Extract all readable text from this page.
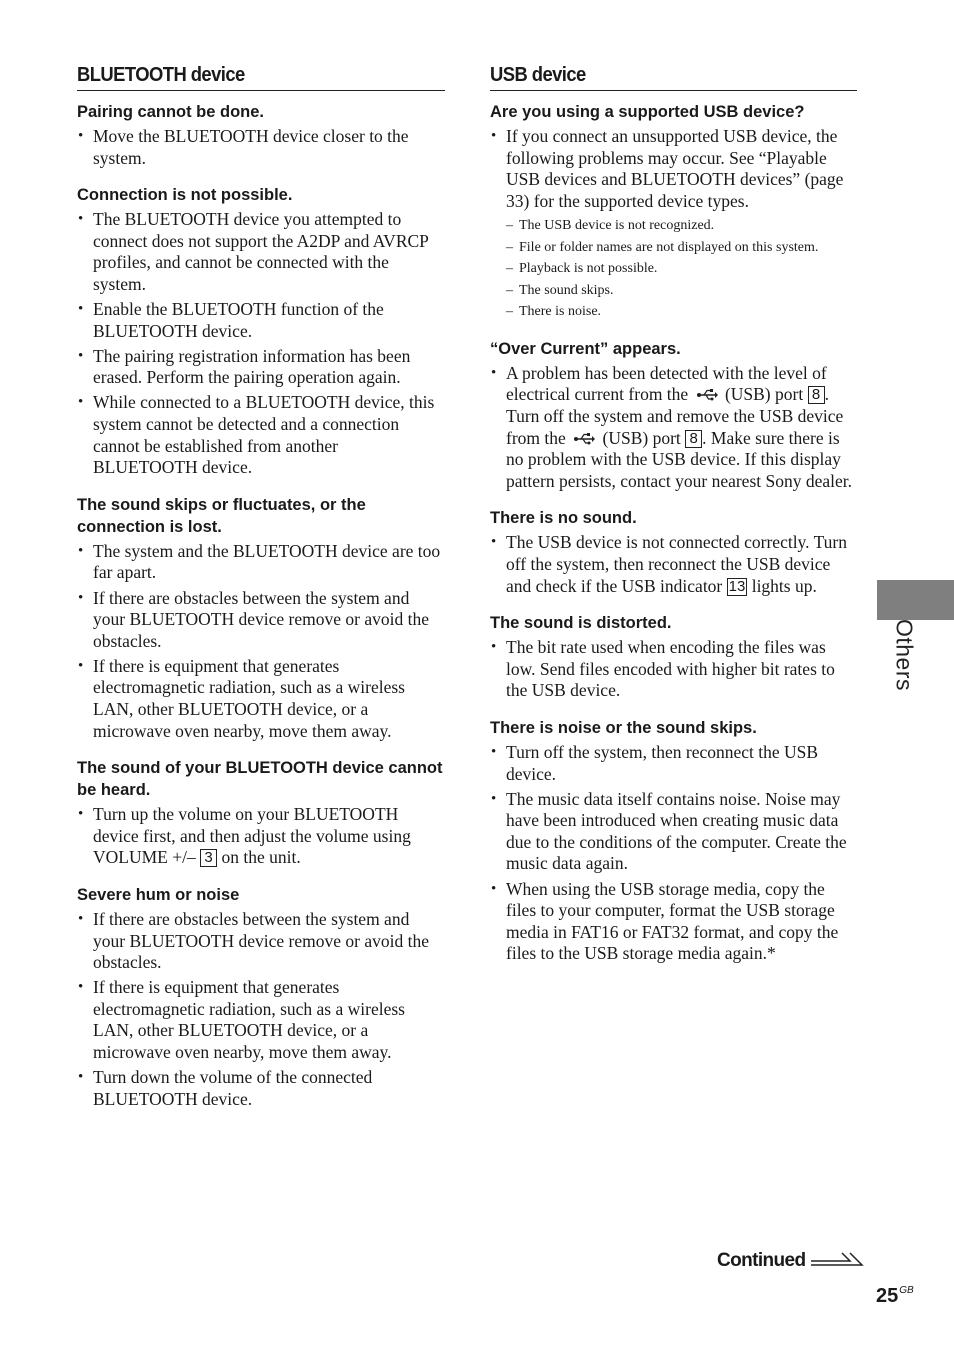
BLUETOOTH device
Pairing cannot be done.
• Move the BLUETOOTH device closer to the system.
Connection is not possible.
• The BLUETOOTH device you attempted to connect does not support the A2DP and AVRCP profiles, and cannot be connected with the system.
• Enable the BLUETOOTH function of the BLUETOOTH device.
• The pairing registration information has been erased. Perform the pairing operation again.
• While connected to a BLUETOOTH device, this system cannot be detected and a connection cannot be established from another BLUETOOTH device.
The sound skips or fluctuates, or the connection is lost.
• The system and the BLUETOOTH device are too far apart.
• If there are obstacles between the system and your BLUETOOTH device remove or avoid the obstacles.
• If there is equipment that generates electromagnetic radiation, such as a wireless LAN, other BLUETOOTH device, or a microwave oven nearby, move them away.
The sound of your BLUETOOTH device cannot be heard.
• Turn up the volume on your BLUETOOTH device first, and then adjust the volume using VOLUME +/– 3 on the unit.
Severe hum or noise
• If there are obstacles between the system and your BLUETOOTH device remove or avoid the obstacles.
• If there is equipment that generates electromagnetic radiation, such as a wireless LAN, other BLUETOOTH device, or a microwave oven nearby, move them away.
• Turn down the volume of the connected BLUETOOTH device.
USB device
Are you using a supported USB device?
• If you connect an unsupported USB device, the following problems may occur. See “Playable USB devices and BLUETOOTH devices” (page 33) for the supported device types.
– The USB device is not recognized.
– File or folder names are not displayed on this system.
– Playback is not possible.
– The sound skips.
– There is noise.
“Over Current” appears.
• A problem has been detected with the level of electrical current from the  (USB) port 8 . Turn off the system and remove the USB device from the  (USB) port 8 . Make sure there is no problem with the USB device. If this display pattern persists, contact your nearest Sony dealer.
There is no sound.
• The USB device is not connected correctly. Turn off the system, then reconnect the USB device and check if the USB indicator 13 lights up.
The sound is distorted.
• The bit rate used when encoding the files was low. Send files encoded with higher bit rates to the USB device.
There is noise or the sound skips.
• Turn off the system, then reconnect the USB device.
• The music data itself contains noise. Noise may have been introduced when creating music data due to the conditions of the computer. Create the music data again.
• When using the USB storage media, copy the files to your computer, format the USB storage media in FAT16 or FAT32 format, and copy the files to the USB storage media again.*
Others
Continued
$25^{GB}$
